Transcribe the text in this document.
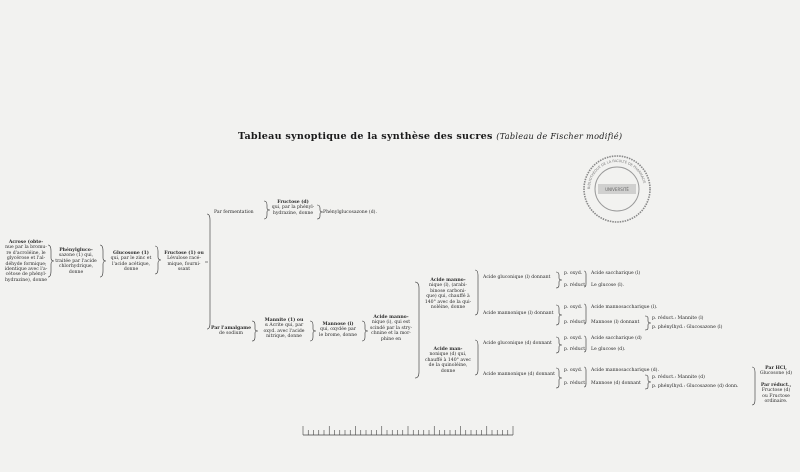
Tableau synoptique de la synthèse des sucres (Tableau de Fischer modifié)
BIBLIOTHÈQUE DE LA FACULTÉ DE PHARMACIE
UNIVERSITÉ
Acrose (obte-
nue par la bromu-
re d'acroléine, le
glycérose et l'al-
déhyde formique;
identique avec l'a-
cétose de phényl-
hydrazine), donne
Phénylgluco-
sazone (1) qui,
traitée par l'acide
chlorhydrique,
donne
Glucosone (1)
qui, par le zinc et
l'acide acétique,
donne
Fructose (1) ou
Lévulose racé-
mique, fourni-
ssant
Par fermentation
Fructose (d)
qui, par la phényl-
hydrazine, donne	Phénylglucosazone (d).
Par l'amalgame
de sodium
Mannite (1) ou
α Acrite qui, par
oxyd. avec l'acide
nitrique, donne
Mannose (i)
qui, oxydée par
le brome, donne
Acide manno-
nique (i), qui est
scindé par la stry-
chnine et la mor-
phine en
Acide manno-
nique (l), (arabi-
binose carboni-
que) qui, chauffé à
140° avec de la qui-
noléine, donne
Acide man-
nonique (d) qui,
chauffé à 140° avec
de la quinoléine,
donne
Acide gluconique (l) donnant
Acide mannonique (l) donnant
Acide gluconique (d) donnant
Acide mannonique (d) donnant
p. oxyd.
p. réduct.
p. oxyd.
p. réduct.
p. oxyd.
p. réduct.
p. oxyd.
p. réduct.
Acide saccharique (l)
Le glucose (l).
Acide mannosaccharique (l).
Mannose (l) donnant
p. réduct.: Mannite (l)
p. phénylhyd.: Glucosazone (l)
Acide saccharique (d)
Le glucose (d).
Acide mannosaccharique (d).
Mannose (d) donnant
p. réduct.: Mannite (d)
p. phénylhyd.: Glucosazone (d) donn.
Par HCl,
Glucosone (d)
Par réduct.,
Fructose (d)
ou Fructose
ordinaire.
